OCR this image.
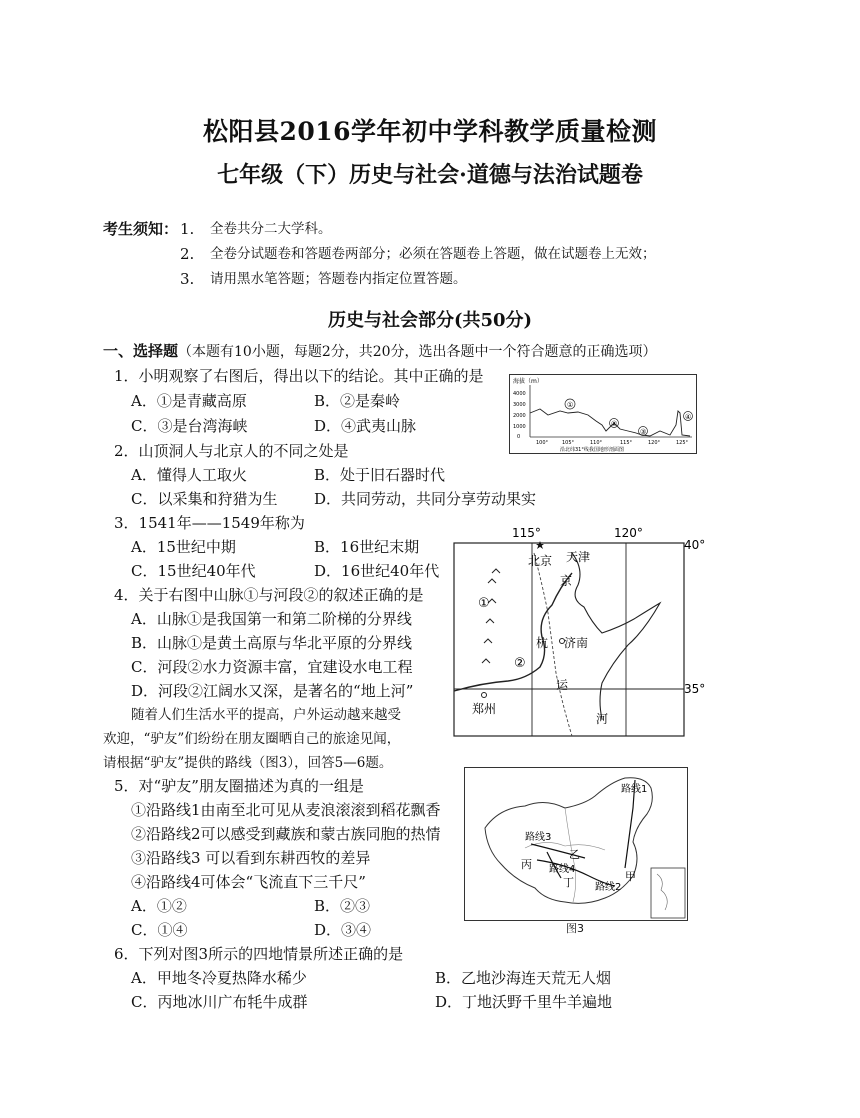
松阳县2016学年初中学科教学质量检测
七年级（下）历史与社会·道德与法治试题卷
考生须知： 1. 全卷共分二大学科。
2. 全卷分试题卷和答题卷两部分；必须在答题卷上答题，做在试题卷上无效；
3. 请用黑水笔答题；答题卷内指定位置答题。
历史与社会部分(共50分)
一、选择题（本题有10小题，每题2分，共20分，选出各题中一个符合题意的正确选项）
1．小明观察了右图后，得出以下的结论。其中正确的是
A．①是青藏高原	B．②是秦岭
C．③是台湾海峡	D．④武夷山脉
2．山顶洞人与北京人的不同之处是
A．懂得人工取火	B．处于旧石器时代
C．以采集和狩猎为生 D．共同劳动，共同分享劳动果实
3．1541年——1549年称为
A．15世纪中期	B．16世纪末期
C．15世纪40年代	D．16世纪40年代
4．关于右图中山脉①与河段②的叙述正确的是
A．山脉①是我国第一和第二阶梯的分界线
B．山脉①是黄土高原与华北平原的分界线
C．河段②水力资源丰富，宜建设水电工程
D．河段②江阔水又深，是著名的“地上河”
随着人们生活水平的提高，户外运动越来越受
欢迎，“驴友”们纷纷在朋友圈晒自己的旅途见闻，
请根据“驴友”提供的路线（图3），回答5—6题。
5．对“驴友”朋友圈描述为真的一组是
①沿路线1由南至北可见从麦浪滚滚到稻花飘香
②沿路线2可以感受到藏族和蒙古族同胞的热情
③沿路线3 可以看到东耕西牧的差异
④沿路线4可体会“飞流直下三千尺”
A．①②	B．②③
C．①④	D．③④
6．下列对图3所示的四地情景所述正确的是
A．甲地冬冷夏热降水稀少	B．乙地沙海连天荒无人烟
C．丙地冰川广布牦牛成群	D．丁地沃野千里牛羊遍地
海拔（m）
4000
3000
2000
1000
0
①
②
③
④
100°	105°	110°	115°	120°	125°
沿北纬31°线我国地形剖面图
115°	120°
40°
35°
北京 天津
京
杭 济南
运
河
郑州
①
②
路线1
路线2
路线3
路线4
甲
乙
丙
丁
图3
